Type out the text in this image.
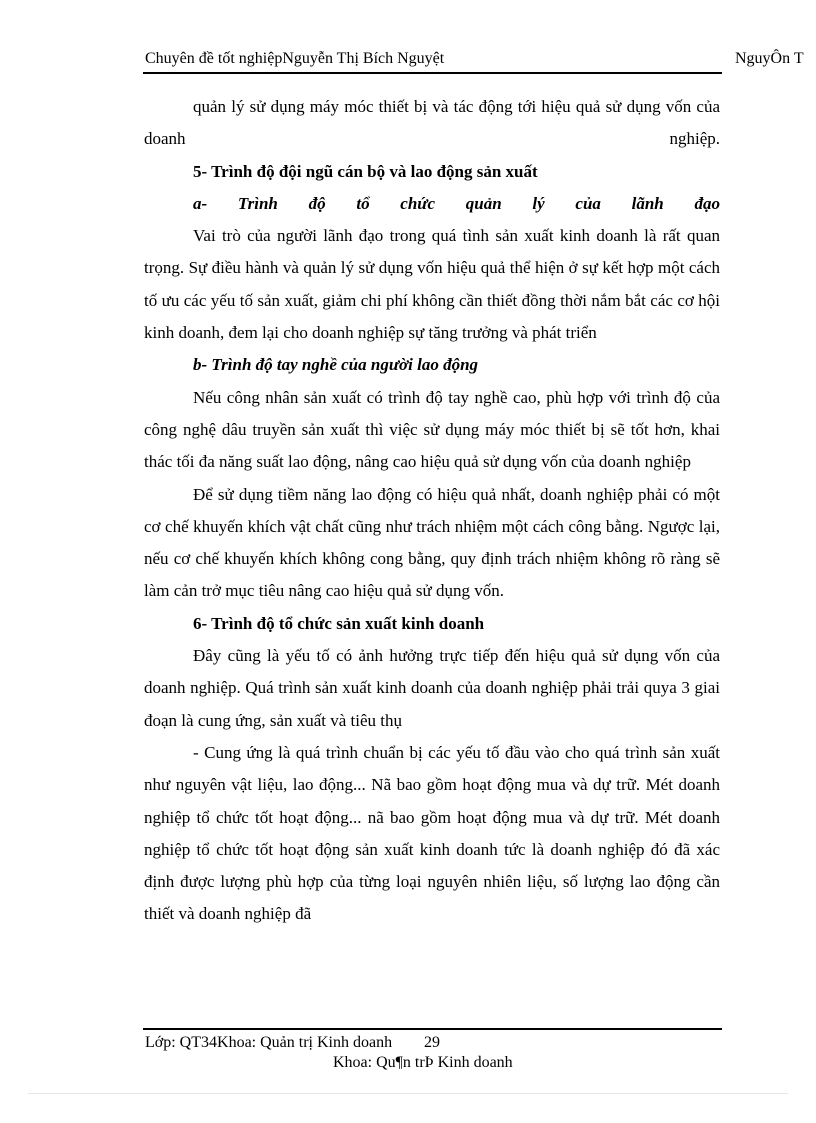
Chuyên đề tốt nghiệpNguyễn Thị Bích Nguyệt	NguyÔn T

quản lý sử dụng máy móc thiết bị và tác động tới hiệu quả sử dụng vốn của doanh nghiệp.

5- Trình độ đội ngũ cán bộ và lao động sản xuất

a- Trình độ tổ chức quản lý của lãnh đạo

Vai trò của người lãnh đạo trong quá tình sản xuất kinh doanh là rất quan trọng. Sự điều hành và quản lý sử dụng vốn hiệu quả thể hiện ở sự kết hợp một cách tố ưu các yếu tố sản xuất, giảm chi phí không cần thiết đồng thời nắm bắt các cơ hội kinh doanh, đem lại cho doanh nghiệp sự tăng trưởng và phát triển

b- Trình độ tay nghề của người lao động

Nếu công nhân sản xuất có trình độ tay nghề cao, phù hợp với trình độ của công nghệ dâu truyền sản xuất thì việc sử dụng máy móc thiết bị sẽ tốt hơn, khai thác tối đa năng suất lao động, nâng cao hiệu quả sử dụng vốn của doanh nghiệp

Để sử dụng tiềm năng lao động có hiệu quả nhất, doanh nghiệp phải có một cơ chế khuyến khích vật chất cũng như trách nhiệm một cách công bằng. Ngược lại, nếu cơ chế khuyến khích không cong bằng, quy định trách nhiệm không rõ ràng sẽ làm cản trở mục tiêu nâng cao hiệu quả sử dụng vốn.

6- Trình độ tổ chức sản xuất kinh doanh

Đây cũng là yếu tố có ảnh hưởng trực tiếp đến hiệu quả sử dụng vốn của doanh nghiệp. Quá trình sản xuất kinh doanh của doanh nghiệp phải trải quya 3 giai đoạn là cung ứng, sản xuất và tiêu thụ

- Cung ứng là quá trình chuẩn bị các yếu tố đầu vào cho quá trình sản xuất như nguyên vật liệu, lao động... Nã bao gồm hoạt động mua và dự trữ. Mét doanh nghiệp tổ chức tốt hoạt động... nã bao gồm hoạt động mua và dự trữ. Mét doanh nghiệp tổ chức tốt hoạt động sản xuất kinh doanh tức là doanh nghiệp đó đã xác định được lượng phù hợp của từng loại nguyên nhiên liệu, số lượng lao động cần thiết và doanh nghiệp đã

Lớp: QT34Khoa: Quản trị Kinh doanh 29
Khoa: Qu¶n trÞ Kinh doanh
